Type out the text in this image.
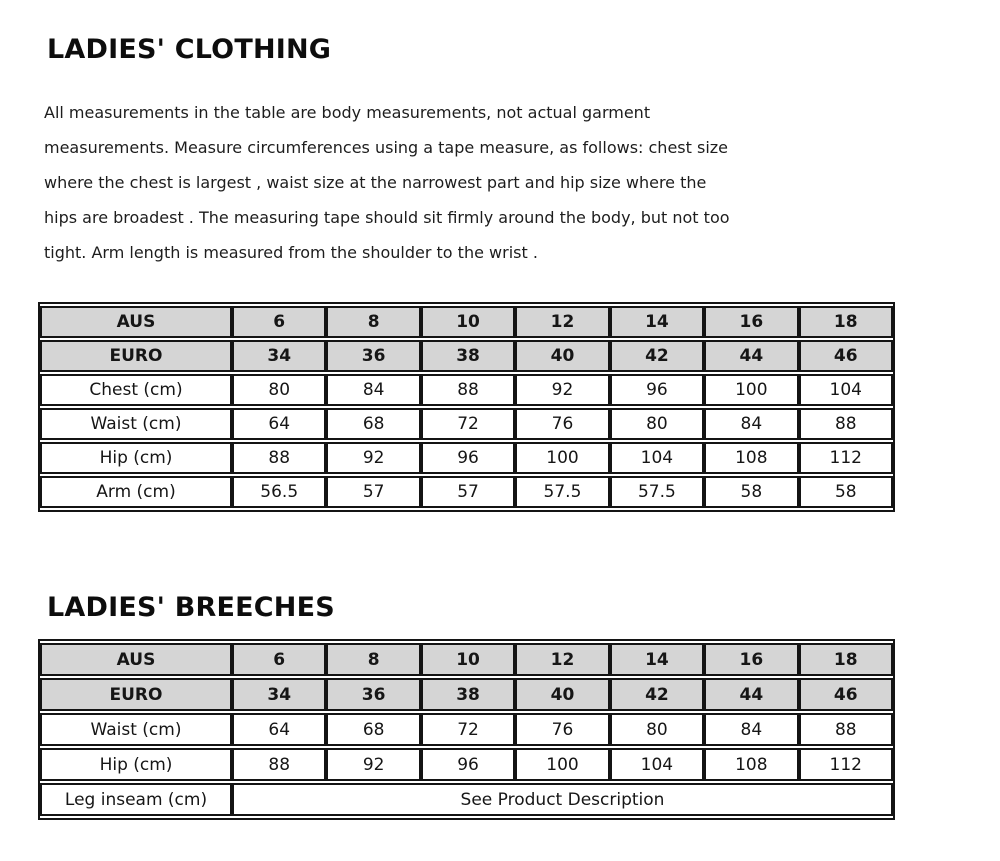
LADIES' CLOTHING
All measurements in the table are body measurements, not actual garment
measurements. Measure circumferences using a tape measure, as follows: chest size
where the chest is largest , waist size at the narrowest part and hip size where the
hips are broadest . The measuring tape should sit firmly around the body, but not too
tight. Arm length is measured from the shoulder to the wrist .
AUS	6	8	10	12	14	16	18
EURO	34	36	38	40	42	44	46
Chest (cm)	80	84	88	92	96	100	104
Waist (cm)	64	68	72	76	80	84	88
Hip (cm)	88	92	96	100	104	108	112
Arm (cm)	56.5	57	57	57.5	57.5	58	58
LADIES' BREECHES
AUS	6	8	10	12	14	16	18
EURO	34	36	38	40	42	44	46
Waist (cm)	64	68	72	76	80	84	88
Hip (cm)	88	92	96	100	104	108	112
Leg inseam (cm)	See Product Description						
